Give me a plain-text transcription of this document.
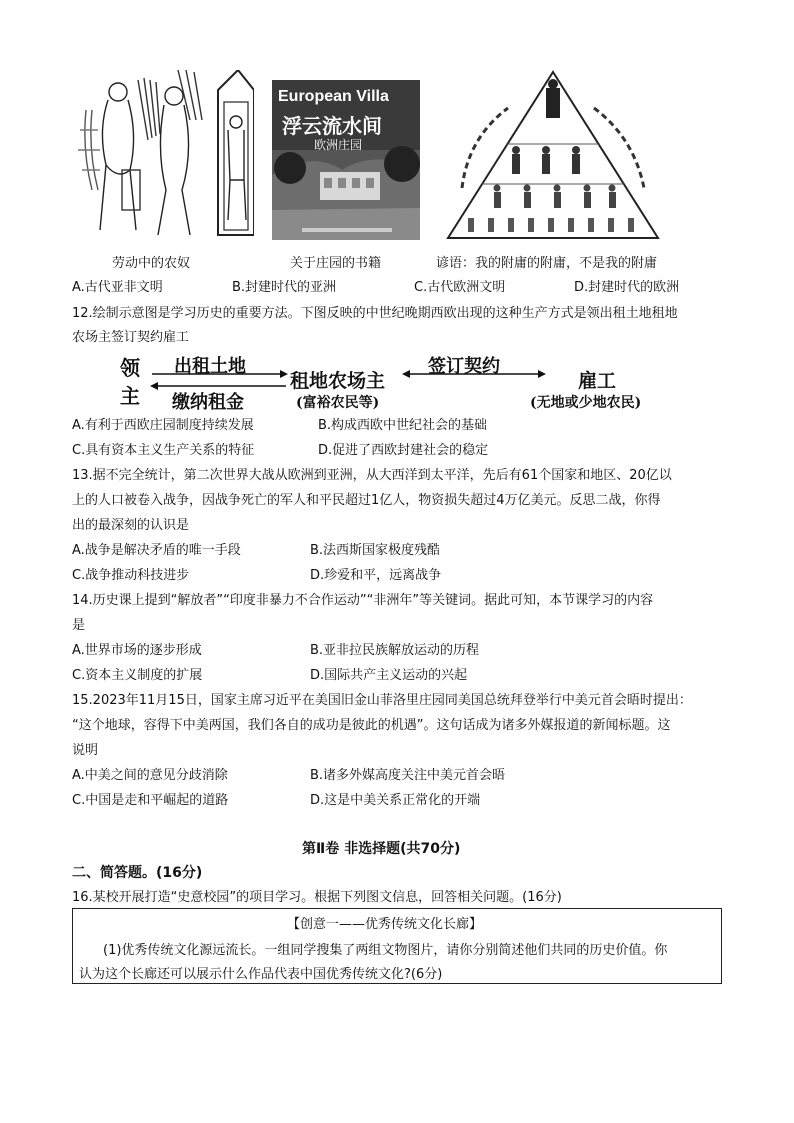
European Villa
浮云流水间
欧洲庄园
劳动中的农奴	关于庄园的书籍	谚语：我的附庸的附庸，不是我的附庸
A.古代亚非文明	B.封建时代的亚洲	C.古代欧洲文明	D.封建时代的欧洲
12.绘制示意图是学习历史的重要方法。下图反映的中世纪晚期西欧出现的这种生产方式是领出租土地租地
农场主签订契约雇工
领
主
出租土地
缴纳租金
租地农场主
(富裕农民等)
签订契约
雇工
(无地或少地农民)
A.有利于西欧庄园制度持续发展	B.构成西欧中世纪社会的基础
C.具有资本主义生产关系的特征	D.促进了西欧封建社会的稳定
13.据不完全统计，第二次世界大战从欧洲到亚洲，从大西洋到太平洋，先后有61个国家和地区、20亿以
上的人口被卷入战争，因战争死亡的军人和平民超过1亿人，物资损失超过4万亿美元。反思二战，你得
出的最深刻的认识是
A.战争是解决矛盾的唯一手段	B.法西斯国家极度残酷
C.战争推动科技进步	D.珍爱和平，远离战争
14.历史课上提到“解放者”“印度非暴力不合作运动”“非洲年”等关键词。据此可知，本节课学习的内容
是
A.世界市场的逐步形成	B.亚非拉民族解放运动的历程
C.资本主义制度的扩展	D.国际共产主义运动的兴起
15.2023年11月15日，国家主席习近平在美国旧金山菲洛里庄园同美国总统拜登举行中美元首会晤时提出：
“这个地球，容得下中美两国，我们各自的成功是彼此的机遇”。这句话成为诸多外媒报道的新闻标题。这
说明
A.中美之间的意见分歧消除	B.诸多外媒高度关注中美元首会晤
C.中国是走和平崛起的道路	D.这是中美关系正常化的开端
第Ⅱ卷 非选择题(共70分)
二、简答题。(16分)
16.某校开展打造“史意校园”的项目学习。根据下列图文信息，回答相关问题。(16分)
【创意一——优秀传统文化长廊】
(1)优秀传统文化源远流长。一组同学搜集了两组文物图片，请你分别简述他们共同的历史价值。你
认为这个长廊还可以展示什么作品代表中国优秀传统文化?(6分)
